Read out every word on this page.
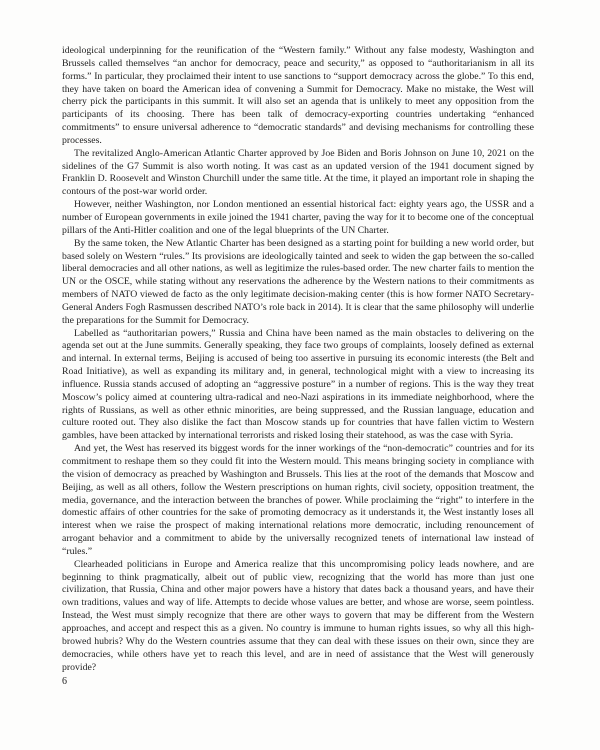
ideological underpinning for the reunification of the “Western family.” Without any false modesty, Washington and Brussels called themselves “an anchor for democracy, peace and security,” as opposed to “authoritarianism in all its forms.” In particular, they proclaimed their intent to use sanctions to “support democracy across the globe.” To this end, they have taken on board the American idea of convening a Summit for Democracy. Make no mistake, the West will cherry pick the participants in this summit. It will also set an agenda that is unlikely to meet any opposition from the participants of its choosing. There has been talk of democracy-exporting countries undertaking “enhanced commitments” to ensure universal adherence to “democratic standards” and devising mechanisms for controlling these processes.

The revitalized Anglo-American Atlantic Charter approved by Joe Biden and Boris Johnson on June 10, 2021 on the sidelines of the G7 Summit is also worth noting. It was cast as an updated version of the 1941 document signed by Franklin D. Roosevelt and Winston Churchill under the same title. At the time, it played an important role in shaping the contours of the post-war world order.

However, neither Washington, nor London mentioned an essential historical fact: eighty years ago, the USSR and a number of European governments in exile joined the 1941 charter, paving the way for it to become one of the conceptual pillars of the Anti-Hitler coalition and one of the legal blueprints of the UN Charter.

By the same token, the New Atlantic Charter has been designed as a starting point for building a new world order, but based solely on Western “rules.” Its provisions are ideologically tainted and seek to widen the gap between the so-called liberal democracies and all other nations, as well as legitimize the rules-based order. The new charter fails to mention the UN or the OSCE, while stating without any reservations the adherence by the Western nations to their commitments as members of NATO viewed de facto as the only legitimate decision-making center (this is how former NATO Secretary-General Anders Fogh Rasmussen described NATO’s role back in 2014). It is clear that the same philosophy will underlie the preparations for the Summit for Democracy.

Labelled as “authoritarian powers,” Russia and China have been named as the main obstacles to delivering on the agenda set out at the June summits. Generally speaking, they face two groups of complaints, loosely defined as external and internal. In external terms, Beijing is accused of being too assertive in pursuing its economic interests (the Belt and Road Initiative), as well as expanding its military and, in general, technological might with a view to increasing its influence. Russia stands accused of adopting an “aggressive posture” in a number of regions. This is the way they treat Moscow’s policy aimed at countering ultra-radical and neo-Nazi aspirations in its immediate neighborhood, where the rights of Russians, as well as other ethnic minorities, are being suppressed, and the Russian language, education and culture rooted out. They also dislike the fact than Moscow stands up for countries that have fallen victim to Western gambles, have been attacked by international terrorists and risked losing their statehood, as was the case with Syria.

And yet, the West has reserved its biggest words for the inner workings of the “non-democratic” countries and for its commitment to reshape them so they could fit into the Western mould. This means bringing society in compliance with the vision of democracy as preached by Washington and Brussels. This lies at the root of the demands that Moscow and Beijing, as well as all others, follow the Western prescriptions on human rights, civil society, opposition treatment, the media, governance, and the interaction between the branches of power. While proclaiming the “right” to interfere in the domestic affairs of other countries for the sake of promoting democracy as it understands it, the West instantly loses all interest when we raise the prospect of making international relations more democratic, including renouncement of arrogant behavior and a commitment to abide by the universally recognized tenets of international law instead of “rules.”

Clearheaded politicians in Europe and America realize that this uncompromising policy leads nowhere, and are beginning to think pragmatically, albeit out of public view, recognizing that the world has more than just one civilization, that Russia, China and other major powers have a history that dates back a thousand years, and have their own traditions, values and way of life. Attempts to decide whose values are better, and whose are worse, seem pointless. Instead, the West must simply recognize that there are other ways to govern that may be different from the Western approaches, and accept and respect this as a given. No country is immune to human rights issues, so why all this high-browed hubris? Why do the Western countries assume that they can deal with these issues on their own, since they are democracies, while others have yet to reach this level, and are in need of assistance that the West will generously provide?

6
